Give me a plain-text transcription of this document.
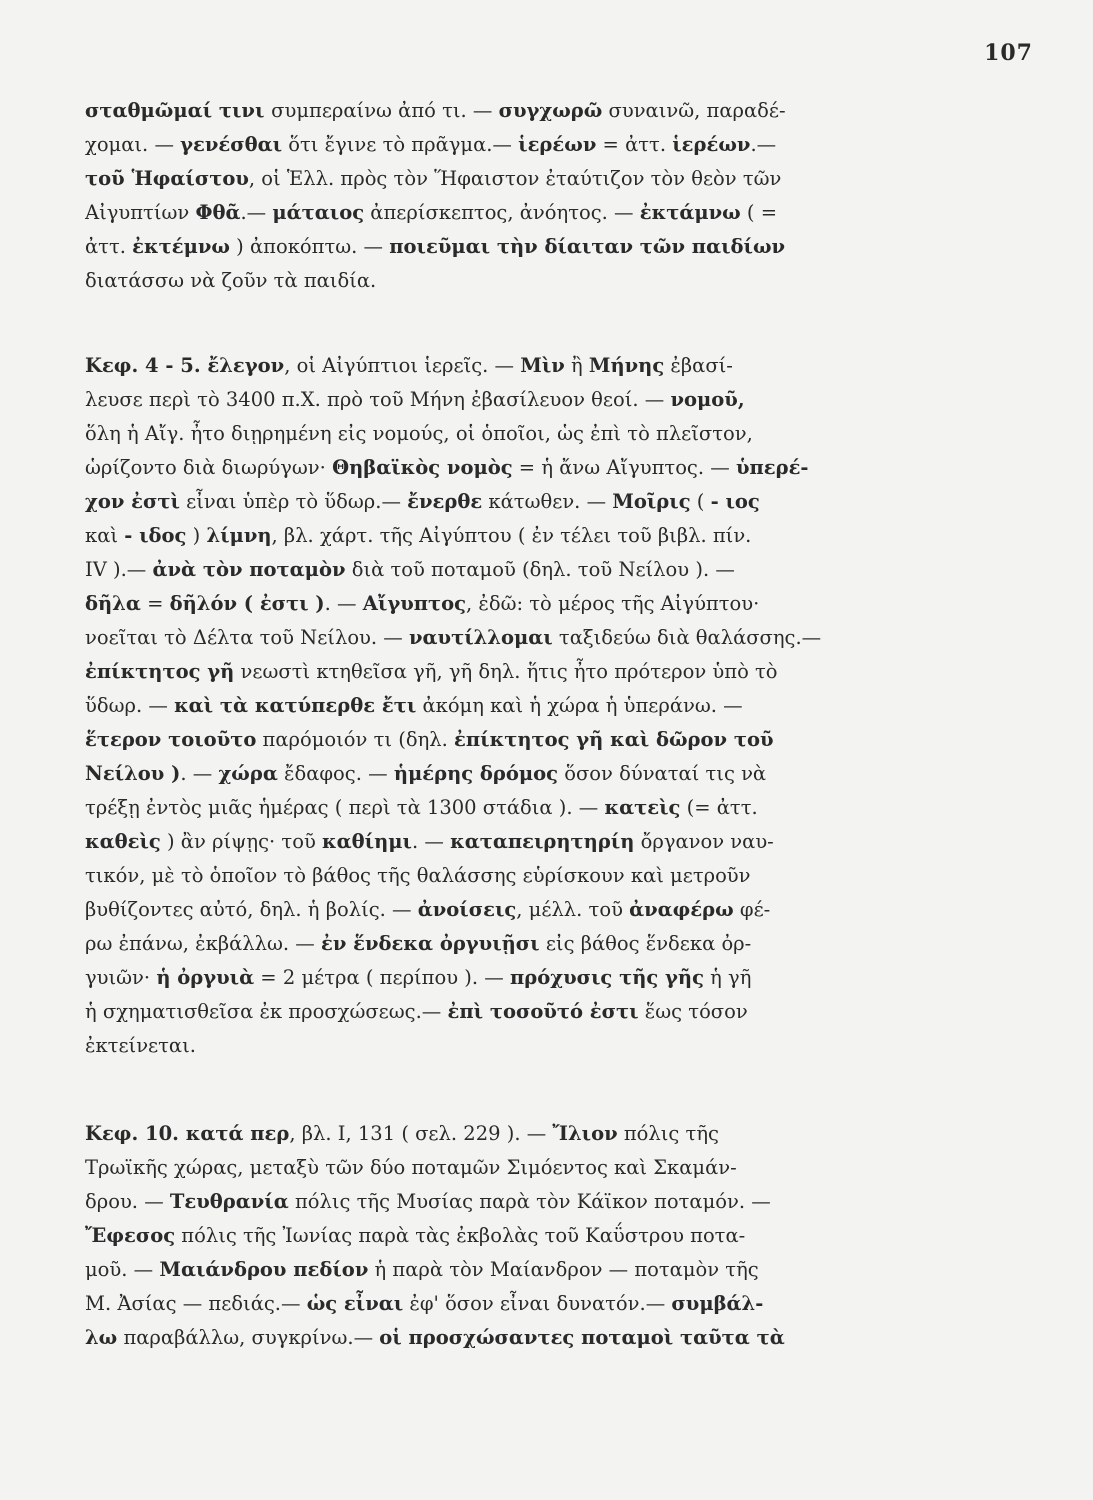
107
σταθμῶμαί τινι συμπεραίνω ἀπό τι. — συγχωρῶ συναινῶ, παραδέ-
χομαι. — γενέσθαι ὅτι ἔγινε τὸ πρᾶγμα.— ἱερέων = ἀττ. ἱερέων.—
τοῦ Ἡφαίστου, οἱ Ἑλλ. πρὸς τὸν Ἥφαιστον ἐταύτιζον τὸν θεὸν τῶν
Αἰγυπτίων Φθᾶ.— μάταιος ἀπερίσκεπτος, ἀνόητος. — ἐκτάμνω ( =
ἀττ. ἐκτέμνω ) ἀποκόπτω. — ποιεῦμαι τὴν δίαιταν τῶν παιδίων
διατάσσω νὰ ζοῦν τὰ παιδία.
Κεφ. 4 - 5. ἔλεγον, οἱ Αἰγύπτιοι ἱερεῖς. — Μὶν ἢ Μήνης ἐβασί-
λευσε περὶ τὸ 3400 π.Χ. πρὸ τοῦ Μήνη ἐβασίλευον θεοί. — νομοῦ,
ὅλη ἡ Αἴγ. ἦτο διῃρημένη εἰς νομούς, οἱ ὁποῖοι, ὡς ἐπὶ τὸ πλεῖστον,
ὡρίζοντο διὰ διωρύγων· Θηβαϊκὸς νομὸς = ἡ ἄνω Αἴγυπτος. — ὑπερέ-
χον ἐστὶ εἶναι ὑπὲρ τὸ ὕδωρ.— ἔνερθε κάτωθεν. — Μοῖρις ( - ιος
καὶ - ιδος ) λίμνη, βλ. χάρτ. τῆς Αἰγύπτου ( ἐν τέλει τοῦ βιβλ. πίν.
IV ).— ἀνὰ τὸν ποταμὸν διὰ τοῦ ποταμοῦ (δηλ. τοῦ Νείλου ). —
δῆλα = δῆλόν ( ἐστι ). — Αἴγυπτος, ἐδῶ: τὸ μέρος τῆς Αἰγύπτου·
νοεῖται τὸ Δέλτα τοῦ Νείλου. — ναυτίλλομαι ταξιδεύω διὰ θαλάσσης.—
ἐπίκτητος γῆ νεωστὶ κτηθεῖσα γῆ, γῆ δηλ. ἥτις ἦτο πρότερον ὑπὸ τὸ
ὕδωρ. — καὶ τὰ κατύπερθε ἔτι ἀκόμη καὶ ἡ χώρα ἡ ὑπεράνω. —
ἕτερον τοιοῦτο παρόμοιόν τι (δηλ. ἐπίκτητος γῆ καὶ δῶρον τοῦ
Νείλου ). — χώρα ἔδαφος. — ἡμέρης δρόμος ὅσον δύναταί τις νὰ
τρέξῃ ἐντὸς μιᾶς ἡμέρας ( περὶ τὰ 1300 στάδια ). — κατεὶς (= ἀττ.
καθεὶς ) ἂν ρίψῃς· τοῦ καθίημι. — καταπειρητηρίη ὄργανον ναυ-
τικόν, μὲ τὸ ὁποῖον τὸ βάθος τῆς θαλάσσης εὑρίσκουν καὶ μετροῦν
βυθίζοντες αὐτό, δηλ. ἡ βολίς. — ἀνοίσεις, μέλλ. τοῦ ἀναφέρω φέ-
ρω ἐπάνω, ἐκβάλλω. — ἐν ἕνδεκα ὀργυιῇσι εἰς βάθος ἕνδεκα ὀρ-
γυιῶν· ἡ ὀργυιὰ = 2 μέτρα ( περίπου ). — πρόχυσις τῆς γῆς ἡ γῆ
ἡ σχηματισθεῖσα ἐκ προσχώσεως.— ἐπὶ τοσοῦτό ἐστι ἕως τόσον
ἐκτείνεται.
Κεφ. 10. κατά περ, βλ. I, 131 ( σελ. 229 ). — Ἴλιον πόλις τῆς
Τρωϊκῆς χώρας, μεταξὺ τῶν δύο ποταμῶν Σιμόεντος καὶ Σκαμάν-
δρου. — Τευθρανία πόλις τῆς Μυσίας παρὰ τὸν Κάϊκον ποταμόν. —
Ἔφεσος πόλις τῆς Ἰωνίας παρὰ τὰς ἐκβολὰς τοῦ Καΰστρου ποτα-
μοῦ. — Μαιάνδρου πεδίον ἡ παρὰ τὸν Μαίανδρον — ποταμὸν τῆς
Μ. Ἀσίας — πεδιάς.— ὡς εἶναι ἐφ' ὅσον εἶναι δυνατόν.— συμβάλ-
λω παραβάλλω, συγκρίνω.— οἱ προσχώσαντες ποταμοὶ ταῦτα τὰ
